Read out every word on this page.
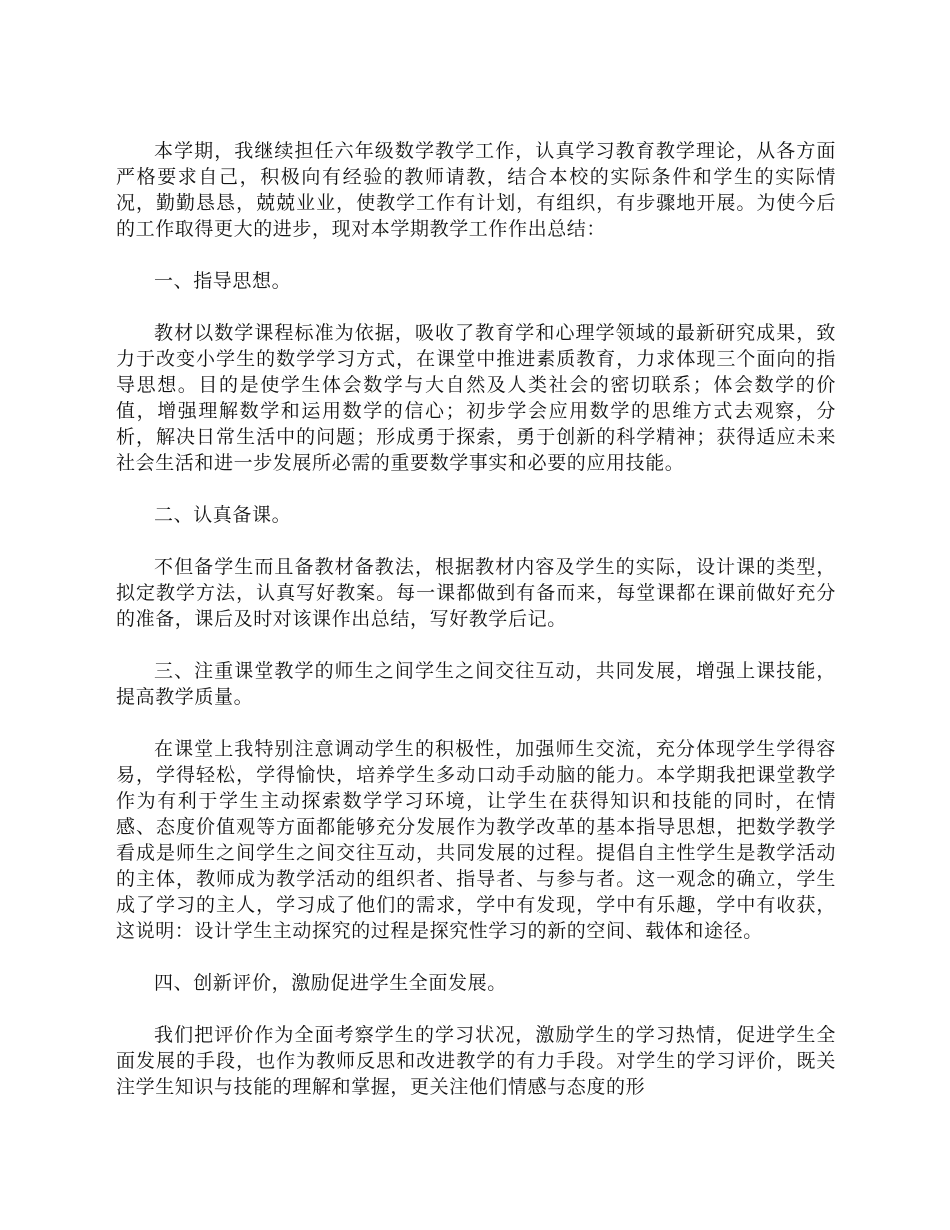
本学期，我继续担任六年级数学教学工作，认真学习教育教学理论，从各方面严格要求自己，积极向有经验的教师请教，结合本校的实际条件和学生的实际情况，勤勤恳恳，兢兢业业，使教学工作有计划，有组织，有步骤地开展。为使今后的工作取得更大的进步，现对本学期教学工作作出总结：

一、指导思想。

教材以数学课程标准为依据，吸收了教育学和心理学领域的最新研究成果，致力于改变小学生的数学学习方式，在课堂中推进素质教育，力求体现三个面向的指导思想。目的是使学生体会数学与大自然及人类社会的密切联系；体会数学的价值，增强理解数学和运用数学的信心；初步学会应用数学的思维方式去观察，分析，解决日常生活中的问题；形成勇于探索，勇于创新的科学精神；获得适应未来社会生活和进一步发展所必需的重要数学事实和必要的应用技能。

二、认真备课。

不但备学生而且备教材备教法，根据教材内容及学生的实际，设计课的类型，拟定教学方法，认真写好教案。每一课都做到有备而来，每堂课都在课前做好充分的准备，课后及时对该课作出总结，写好教学后记。

三、注重课堂教学的师生之间学生之间交往互动，共同发展，增强上课技能，提高教学质量。

在课堂上我特别注意调动学生的积极性，加强师生交流，充分体现学生学得容易，学得轻松，学得愉快，培养学生多动口动手动脑的能力。本学期我把课堂教学作为有利于学生主动探索数学学习环境，让学生在获得知识和技能的同时，在情感、态度价值观等方面都能够充分发展作为教学改革的基本指导思想，把数学教学看成是师生之间学生之间交往互动，共同发展的过程。提倡自主性学生是教学活动的主体，教师成为教学活动的组织者、指导者、与参与者。这一观念的确立，学生成了学习的主人，学习成了他们的需求，学中有发现，学中有乐趣，学中有收获，这说明：设计学生主动探究的过程是探究性学习的新的空间、载体和途径。

四、创新评价，激励促进学生全面发展。

我们把评价作为全面考察学生的学习状况，激励学生的学习热情，促进学生全面发展的手段，也作为教师反思和改进教学的有力手段。对学生的学习评价，既关注学生知识与技能的理解和掌握，更关注他们情感与态度的形
